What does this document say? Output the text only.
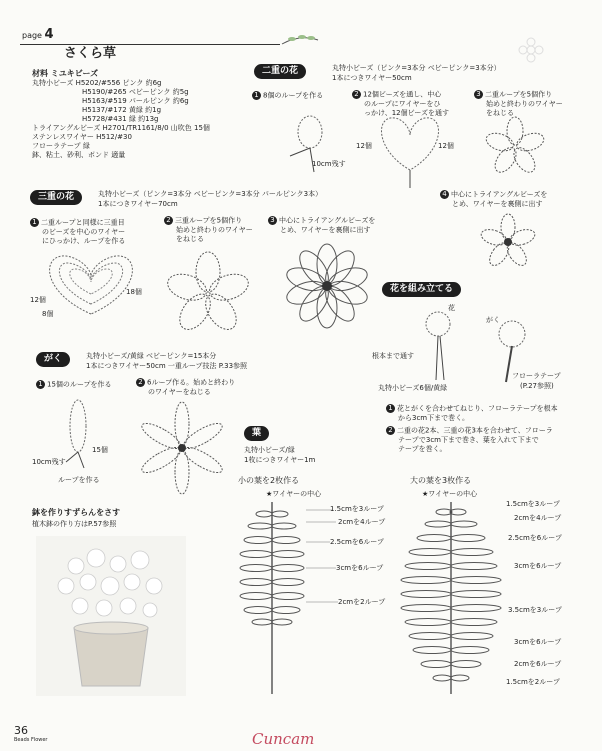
page 4
さくら草
材料 ミユキビーズ
丸特小ビーズ H5202/#556 ピンク 約6g
H5190/#265 ベビーピンク 約5g
H5163/#519 パールピンク 約6g
H5137/#172 黄緑 約1g
H5728/#431 緑 約13g
トライアングルビーズ H2701/TR1161/8/0 山吹色 15個
ステンレスワイヤー H512/#30
フローラテープ 緑
鉢、粘土、砂利、ボンド 適量
二重の花	丸特小ビーズ（ピンク=3本分 ベビーピンク=3本分）
1本につきワイヤー50cm
1 8個のループを作る	2 12個ビーズを通し、中心
のループにワイヤーをひ
っかけ、12個ビーズを通す
3 二重ループを5個作り
始めと終わりのワイヤー
をねじる
10cm残す
12個	12個
4 中心にトライアングルビーズを
とめ、ワイヤーを裏側に出す
三重の花	丸特小ビーズ（ピンク=3本分 ベビーピンク=3本分 パールピンク3本）
1本につきワイヤー70cm
1 二重ループと同様に三重目
のビーズを中心のワイヤー
にひっかけ、ループを作る
2 三重ループを5個作り
始めと終わりのワイヤー
をねじる
3 中心にトライアングルビーズを
とめ、ワイヤーを裏側に出す
12個
18個
8個
花を組み立てる
花
がく
根本まで通す
丸特小ビーズ6個/黄緑
フローラテープ
(P.27参照)
1 花とがくを合わせてねじり、フローラテープを根本
から3cm下まで巻く。
2 二重の花2本、三重の花3本を合わせて、フローラ
テープで3cm下まで巻き、葉を入れて下まで
テープを巻く。
がく	丸特小ビーズ/黄緑 ベビーピンク=15本分
1本につきワイヤー50cm 一重ループ技法 P.33参照
1 15個のループを作る	2 6ループ作る。始めと終わり
のワイヤーをねじる
10cm残す
15個
ループを作る
葉
丸特小ビーズ/緑
1枚につきワイヤー1m
小の葉を2枚作る	大の葉を3枚作る
★ワイヤーの中心	★ワイヤーの中心
1.5cmを3ループ
2cmを4ループ
2.5cmを6ループ
3cmを6ループ
2cmを2ループ
1.5cmを3ループ
2cmを4ループ
2.5cmを6ループ
3cmを6ループ
3.5cmを3ループ
3cmを6ループ
2cmを6ループ
1.5cmを2ループ
鉢を作りすずらんをさす
植木鉢の作り方はP.57参照
36
Beads Flower	Cuncam
